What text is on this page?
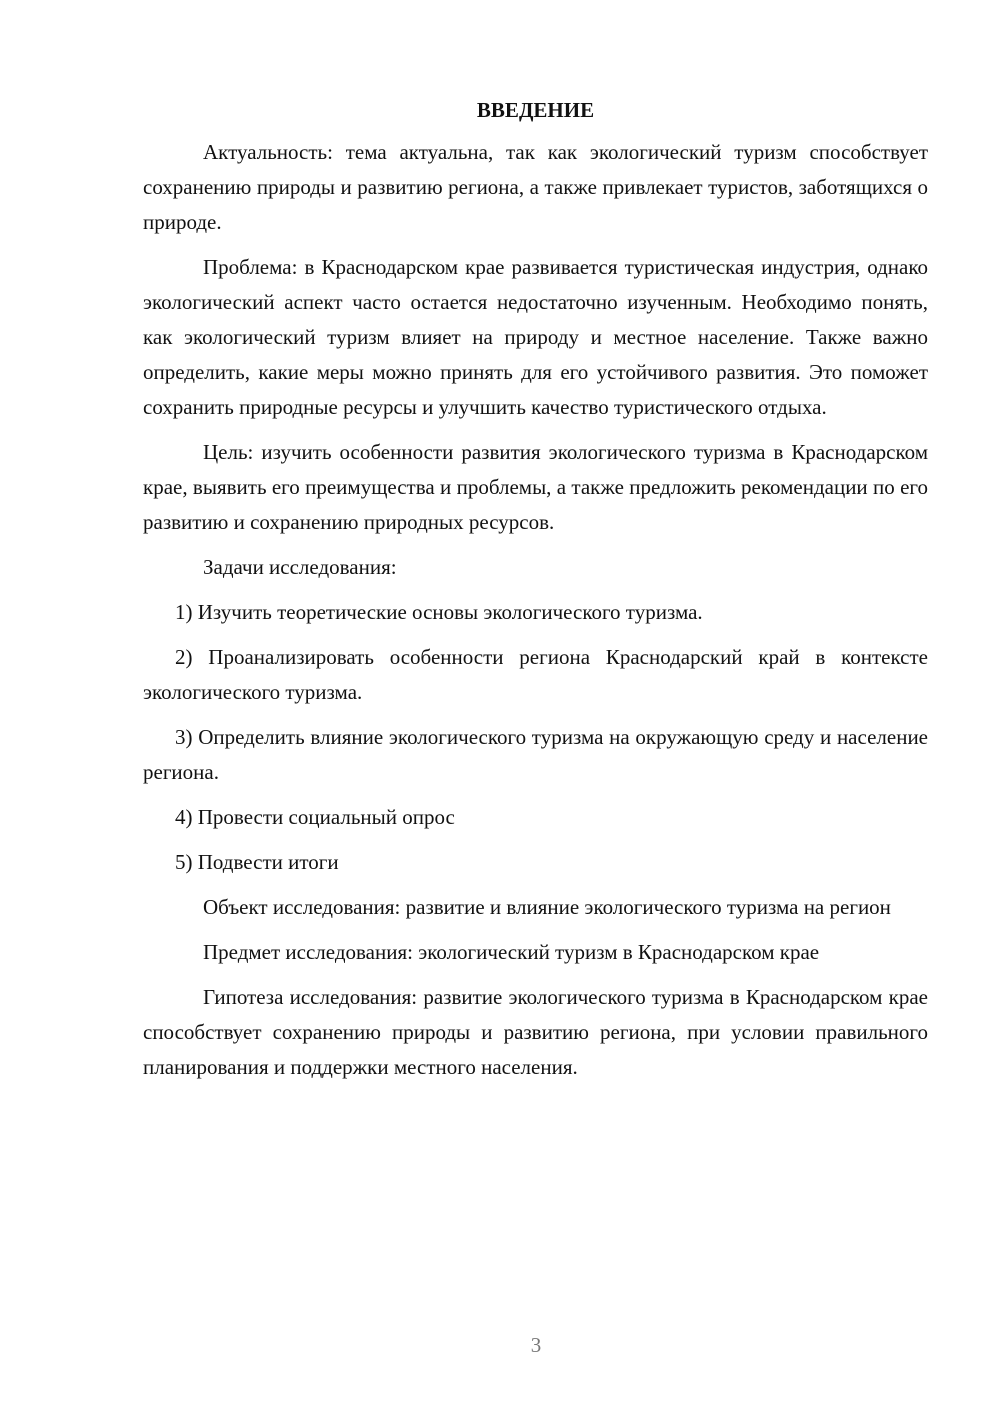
ВВЕДЕНИЕ

Актуальность: тема актуальна, так как экологический туризм способствует сохранению природы и развитию региона, а также привлекает туристов, заботящихся о природе.

Проблема: в Краснодарском крае развивается туристическая индустрия, однако экологический аспект часто остается недостаточно изученным. Необходимо понять, как экологический туризм влияет на природу и местное население. Также важно определить, какие меры можно принять для его устойчивого развития. Это поможет сохранить природные ресурсы и улучшить качество туристического отдыха.

Цель: изучить особенности развития экологического туризма в Краснодарском крае, выявить его преимущества и проблемы, а также предложить рекомендации по его развитию и сохранению природных ресурсов.

Задачи исследования:

1) Изучить теоретические основы экологического туризма.

2) Проанализировать особенности региона Краснодарский край в контексте экологического туризма.

3) Определить влияние экологического туризма на окружающую среду и население региона.

4) Провести социальный опрос

5) Подвести итоги

Объект исследования: развитие и влияние экологического туризма на регион

Предмет исследования: экологический туризм в Краснодарском крае

Гипотеза исследования: развитие экологического туризма в Краснодарском крае способствует сохранению природы и развитию региона, при условии правильного планирования и поддержки местного населения.

3
